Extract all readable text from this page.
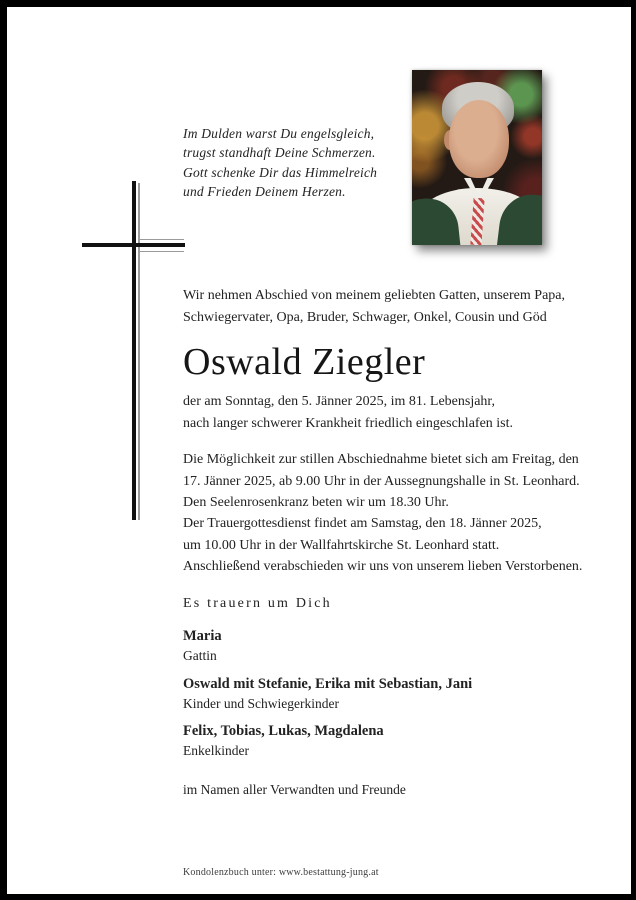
Im Dulden warst Du engelsgleich,
trugst standhaft Deine Schmerzen.
Gott schenke Dir das Himmelreich
und Frieden Deinem Herzen.
Wir nehmen Abschied von meinem geliebten Gatten, unserem Papa,
Schwiegervater, Opa, Bruder, Schwager, Onkel, Cousin und Göd
Oswald Ziegler
der am Sonntag, den 5. Jänner 2025, im 81. Lebensjahr,
nach langer schwerer Krankheit friedlich eingeschlafen ist.
Die Möglichkeit zur stillen Abschiednahme bietet sich am Freitag, den
17. Jänner 2025, ab 9.00 Uhr in der Aussegnungshalle in St. Leonhard.
Den Seelenrosenkranz beten wir um 18.30 Uhr.
Der Trauergottesdienst findet am Samstag, den 18. Jänner 2025,
um 10.00 Uhr in der Wallfahrtskirche St. Leonhard statt.
Anschließend verabschieden wir uns von unserem lieben Verstorbenen.
Es trauern um Dich
Maria
Gattin
Oswald mit Stefanie, Erika mit Sebastian, Jani
Kinder und Schwiegerkinder
Felix, Tobias, Lukas, Magdalena
Enkelkinder
im Namen aller Verwandten und Freunde
Kondolenzbuch unter: www.bestattung-jung.at
